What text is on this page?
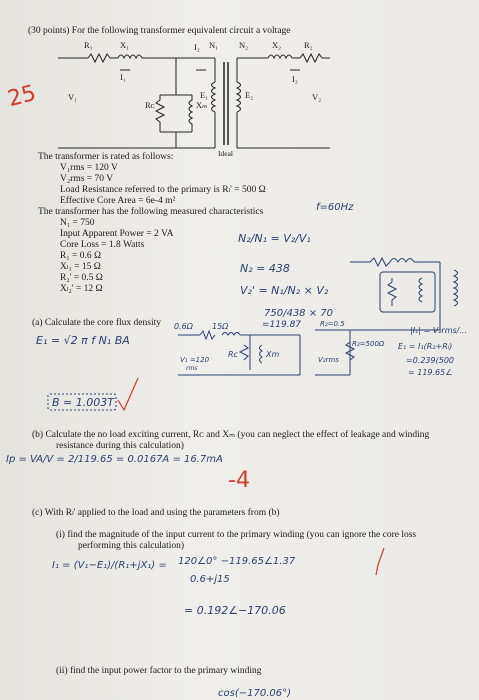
(30 points) For the following transformer equivalent circuit a voltage
R₁	X₁
I₁
I₂ N₁ N₂	X₂	R₂
I₂
V₁
Rᴄ	Xₘ
E₁	E₂	V₂
Ideal
The transformer is rated as follows:
V₁rms = 120 V
V₂rms = 70 V
Load Resistance referred to the primary is Rₗ' = 500 Ω
Effective Core Area = 6e-4 m²
The transformer has the following measured characteristics
N₁ = 750
Input Apparent Power = 2 VA
Core Loss = 1.8 Watts
R₁ = 0.6 Ω
Xₗ₁ = 15 Ω
R₂' = 0.5 Ω
Xₗ₂' = 12 Ω
(a) Calculate the core flux density
(b) Calculate the no load exciting current, Rᴄ and Xₘ (you can neglect the effect of leakage and winding
resistance during this calculation)
(c) With Rₗ' applied to the load and using the parameters from (b)
(i) find the magnitude of the input current to the primary winding (you can ignore the core loss
performing this calculation)
(ii) find the input power factor to the primary winding
25
f=60Hz
N₂/N₁ = V₂/V₁
N₂ = 438
V₂' = N₁/N₂ × V₂
750/438 × 70
=119.87	R₂=0.5
E₁ = √2 π f N₁ BA
B = 1.003T
0.6Ω 15Ω
V₁ =120
rms
Rc	Xm
V₂rms
R₂=500Ω
|I₁| = V₂rms/...
E₁ = I₁(R₂+Rₗ)
=0.239(500
= 119.65∠
Ip = VA/V = 2/119.65 = 0.0167A = 16.7mA
-4
I₁ = (V₁−E₁)/(R₁+jX₁) = 120∠0° −119.65∠1.37
0.6+j15
= 0.192∠−170.06
cos(−170.06°)
